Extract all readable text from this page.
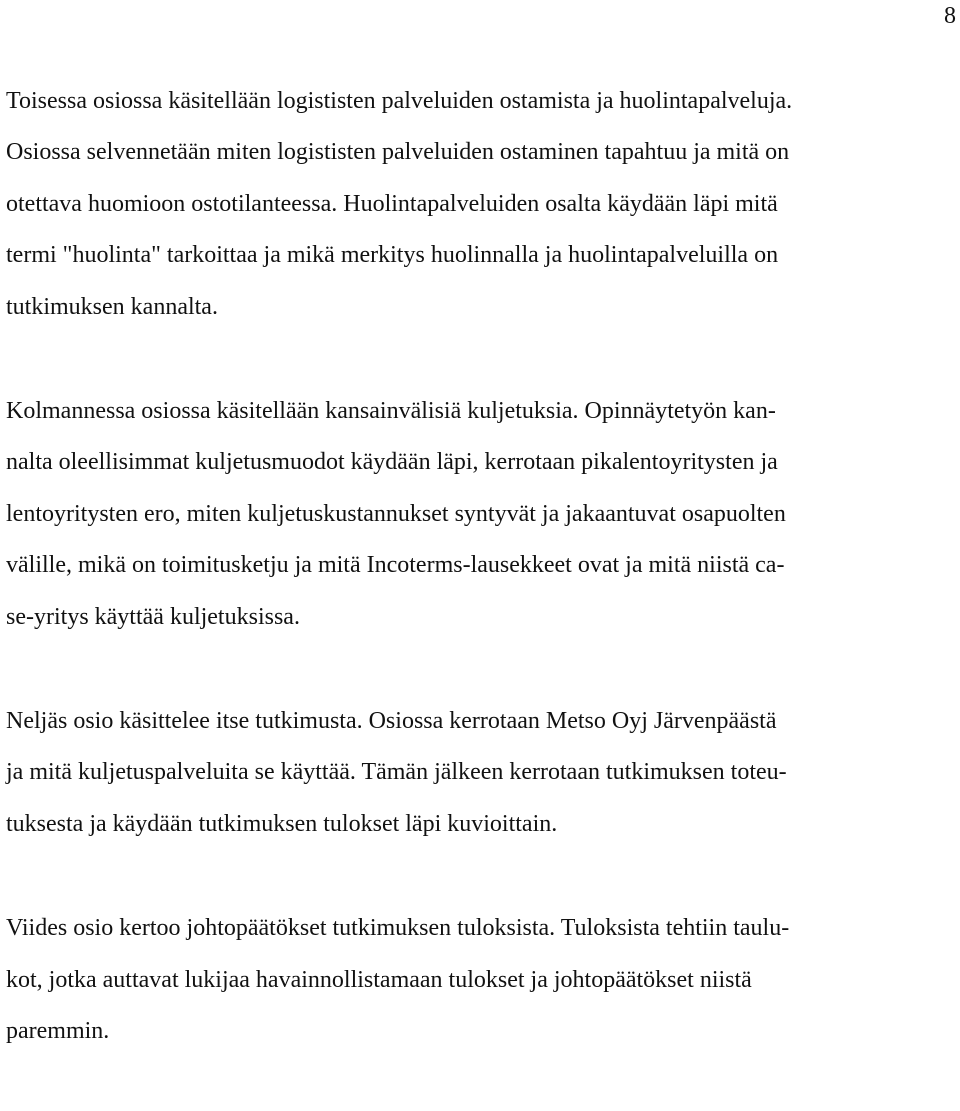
8
Toisessa osiossa käsitellään logististen palveluiden ostamista ja huolintapalveluja.
Osiossa selvennetään miten logististen palveluiden ostaminen tapahtuu ja mitä on
otettava huomioon ostotilanteessa. Huolintapalveluiden osalta käydään läpi mitä
termi "huolinta" tarkoittaa ja mikä merkitys huolinnalla ja huolintapalveluilla on
tutkimuksen kannalta.
Kolmannessa osiossa käsitellään kansainvälisiä kuljetuksia. Opinnäytetyön kan-
nalta oleellisimmat kuljetusmuodot käydään läpi, kerrotaan pikalentoyritysten ja
lentoyritysten ero, miten kuljetuskustannukset syntyvät ja jakaantuvat osapuolten
välille, mikä on toimitusketju ja mitä Incoterms-lausekkeet ovat ja mitä niistä ca-
se-yritys käyttää kuljetuksissa.
Neljäs osio käsittelee itse tutkimusta. Osiossa kerrotaan Metso Oyj Järvenpäästä
ja mitä kuljetuspalveluita se käyttää. Tämän jälkeen kerrotaan tutkimuksen toteu-
tuksesta ja käydään tutkimuksen tulokset läpi kuvioittain.
Viides osio kertoo johtopäätökset tutkimuksen tuloksista. Tuloksista tehtiin taulu-
kot, jotka auttavat lukijaa havainnollistamaan tulokset ja johtopäätökset niistä
paremmin.
